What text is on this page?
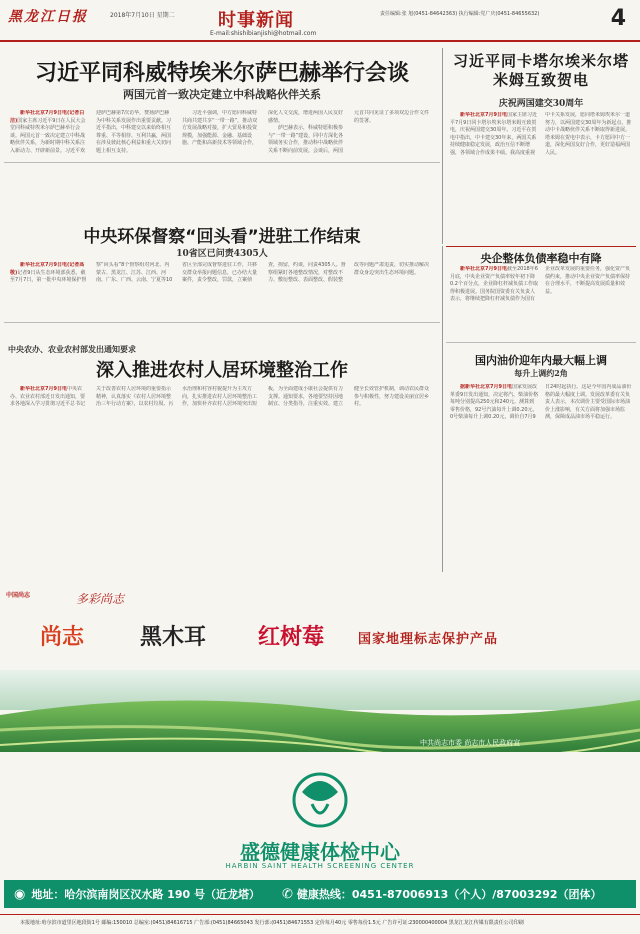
黑龙江日报	2018年7月10日 星期二 时事新闻
E-mail:shishibianjishi@hotmail.com
责任编辑:张 旭(0451-84642363) 执行编辑:党广庆(0451-84655632)	4
习近平同科威特埃米尔萨巴赫举行会谈
两国元首一致决定建立中科战略伙伴关系

新华社北京7月9日电(记者白洁)国家主席习近平9日在人民大会堂同科威特埃米尔萨巴赫举行会谈。两国元首一致决定建立中科战略伙伴关系，为新时期中科关系注入新动力、开辟新前景。习近平欢迎萨巴赫第7次访华，赞扬萨巴赫为中科关系发展作出重要贡献。习近平指出，中科建交以来始终相互尊重、平等相待、互利共赢，两国在涉及彼此核心利益和重大关切问题上相互支持。

习近平强调，中方愿同科威特共商共建共享“一带一路”，推动双方发展战略对接，扩大贸易和投资规模，加强能源、金融、基础设施、产能和高新技术等领域合作，深化人文交流，增进两国人民友好感情。

萨巴赫表示，科威特愿积极参与“一带一路”建设，同中方深化各领域务实合作，推动科中战略伙伴关系不断向前发展。会谈后，两国元首共同见证了多项双边合作文件的签署。

习近平同卡塔尔埃米尔塔米姆互致贺电
庆祝两国建交30周年

新华社北京7月9日电国家主席习近平7月9日同卡塔尔埃米尔塔米姆互致贺电，庆祝两国建交30周年。习近平在贺电中指出，中卡建交30年来，两国关系持续健康稳定发展，政治互信不断增强，各领域合作成果丰硕。我高度重视中卡关系发展，愿同塔米姆埃米尔一道努力，以两国建交30周年为新起点，推动中卡战略伙伴关系不断取得新进展。塔米姆在贺电中表示，卡方愿同中方一道，深化两国友好合作，更好造福两国人民。

中央环保督察“回头看”进驻工作结束
10省区已问责4305人

新华社北京7月9日电(记者高敬)记者9日从生态环境部获悉，截至7月7日，第一批中央环境保护督察“回头看”8个督察组对河北、内蒙古、黑龙江、江苏、江西、河南、广东、广西、云南、宁夏等10省区全部完成督察进驻工作，共移交群众举报问题信息，已办结大量案件，责令整改，罚款，立案侦查，拘留，约谈，问责4305人。督察组紧盯各地整改情况，对整改不力、敷衍整改、表面整改、假装整改等问题严肃追责，切实推动解决群众身边突出生态环境问题。

央企整体负债率稳中有降

新华社北京7月9日电截至2018年6月底，中央企业资产负债率较年初下降0.2个百分点，企业降杠杆减负债工作取得积极进展。国务院国资委有关负责人表示，将继续把降杠杆减负债作为国有企业改革发展的重要任务，强化资产负债约束，推动中央企业资产负债率保持在合理水平，不断提高发展质量和效益。

国内油价迎年内最大幅上调
每升上调约2角

据新华社北京7月9日电国家发展改革委9日发出通知，决定将汽、柴油价格每吨分别提高250元和240元。测算到零售价格，92号汽油每升上调0.20元，0号柴油每升上调0.20元，调价自7月9日24时起执行。这是今年国内成品油价格的最大幅度上调。发展改革委有关负责人表示，本次调价主要受国际市场油价上涨影响，有关方面将加强市场监测，保障成品油市场平稳运行。

中央农办、农业农村部发出通知要求
深入推进农村人居环境整治工作

新华社北京7月9日电中央农办、农业农村部近日发出通知，要求各地深入学习贯彻习近平总书记关于改善农村人居环境的重要指示精神，认真落实《农村人居环境整治三年行动方案》，以农村垃圾、污水治理和村容村貌提升为主攻方向，扎实推进农村人居环境整治工作，加快补齐农村人居环境突出短板，为全面建成小康社会提供有力支撑。通知要求，各地要坚持因地制宜、分类指导，注重实效、建立健全长效管护机制，调动农民群众参与积极性，努力建设美丽宜居乡村。

中国尚志	多彩尚志
尚志	黑木耳 红树莓	国家地理标志保护产品
中共尚志市委 尚志市人民政府宣
盛德健康体检中心
HARBIN SAINT HEALTH SCREENING CENTER
◉ 地址：哈尔滨南岗区汉水路 190 号（近龙塔） ✆ 健康热线：0451-87006913（个人）/87003292（团体）
本报地址:哈尔滨市道里区地段街1号 邮编:150010 总编室:(0451)84616715 广告部:(0451)84665043 发行部:(0451)84671553 定价每月40元 零售每份1.5元 广告许可证:230000400004 黑龙江龙江传媒有限责任公司印刷
